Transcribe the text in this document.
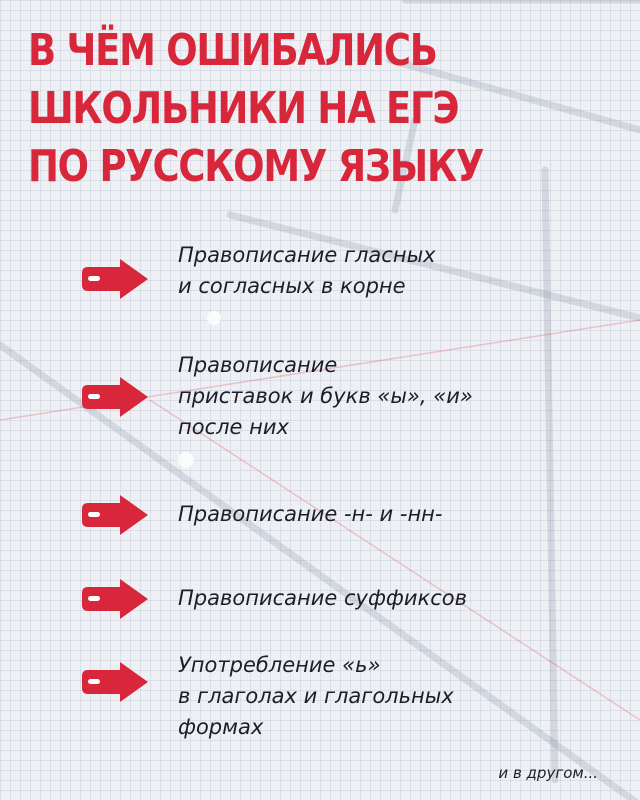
В ЧЁМ ОШИБАЛИСЬ
ШКОЛЬНИКИ НА ЕГЭ
ПО РУССКОМУ ЯЗЫКУ

Правописание гласных
и согласных в корне

Правописание
приставок и букв «ы», «и»
после них

Правописание -н- и -нн-

Правописание суффиксов

Употребление «ь»
в глаголах и глагольных
формах

и в другом...
